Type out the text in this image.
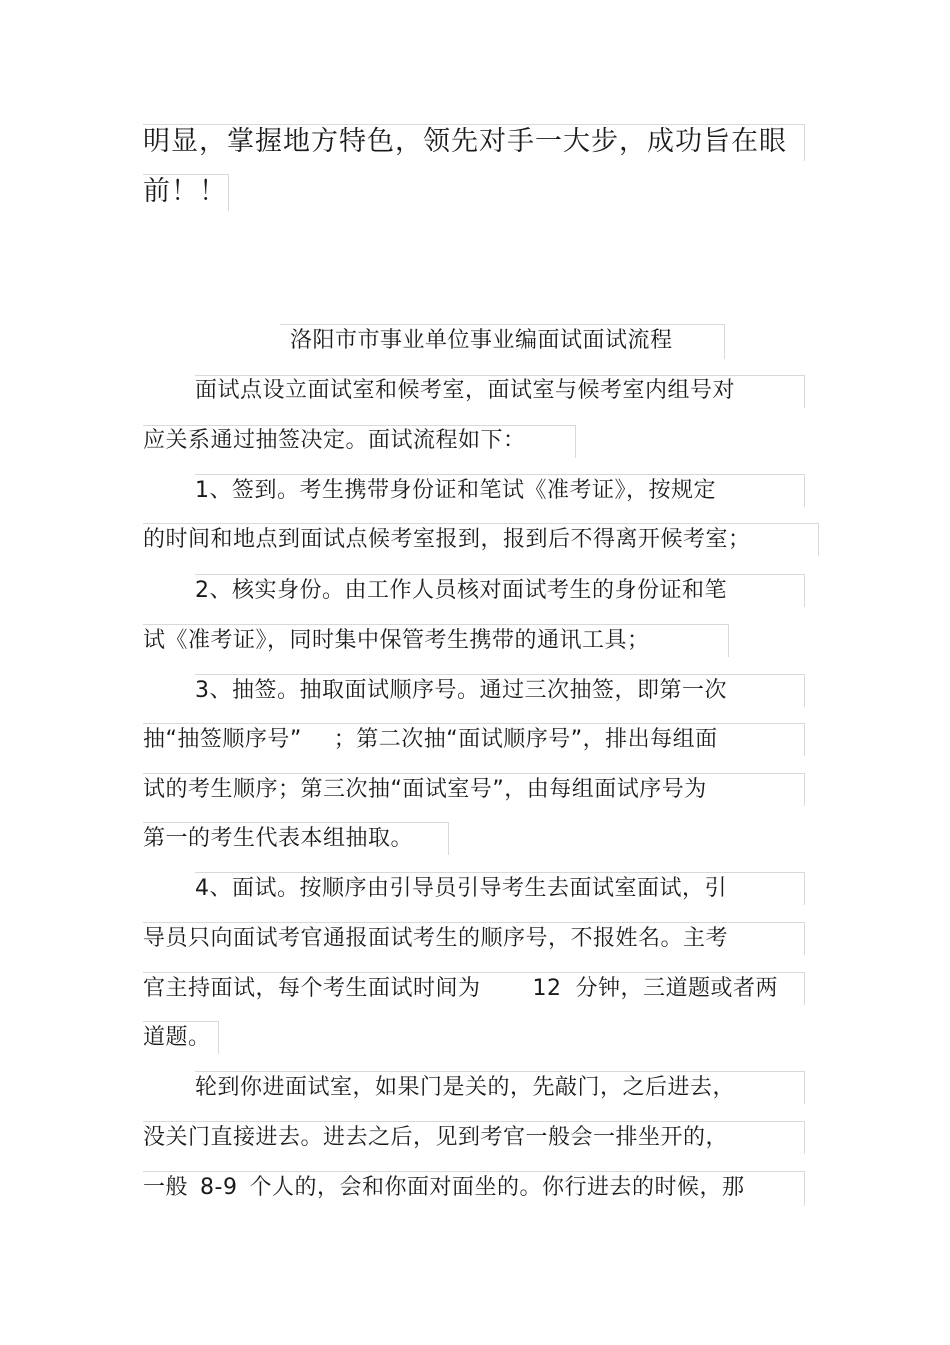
明显，掌握地方特色，领先对手一大步，成功旨在眼
前！！
洛阳市市事业单位事业编面试面试流程
面试点设立面试室和候考室，面试室与候考室内组号对
应关系通过抽签决定。面试流程如下：
1、签到。考生携带身份证和笔试《准考证》，按规定
的时间和地点到面试点候考室报到，报到后不得离开候考室；
2、核实身份。由工作人员核对面试考生的身份证和笔
试《准考证》，同时集中保管考生携带的通讯工具；
3、抽签。抽取面试顺序号。通过三次抽签，即第一次
抽“抽签顺序号” ；第二次抽“面试顺序号”，排出每组面
试的考生顺序；第三次抽“面试室号”，由每组面试序号为
第一的考生代表本组抽取。
4、面试。按顺序由引导员引导考生去面试室面试，引
导员只向面试考官通报面试考生的顺序号，不报姓名。主考
官主持面试，每个考生面试时间为 12 分钟，三道题或者两
道题。
轮到你进面试室，如果门是关的，先敲门，之后进去，
没关门直接进去。进去之后，见到考官一般会一排坐开的，
一般 8-9 个人的，会和你面对面坐的。你行进去的时候，那
